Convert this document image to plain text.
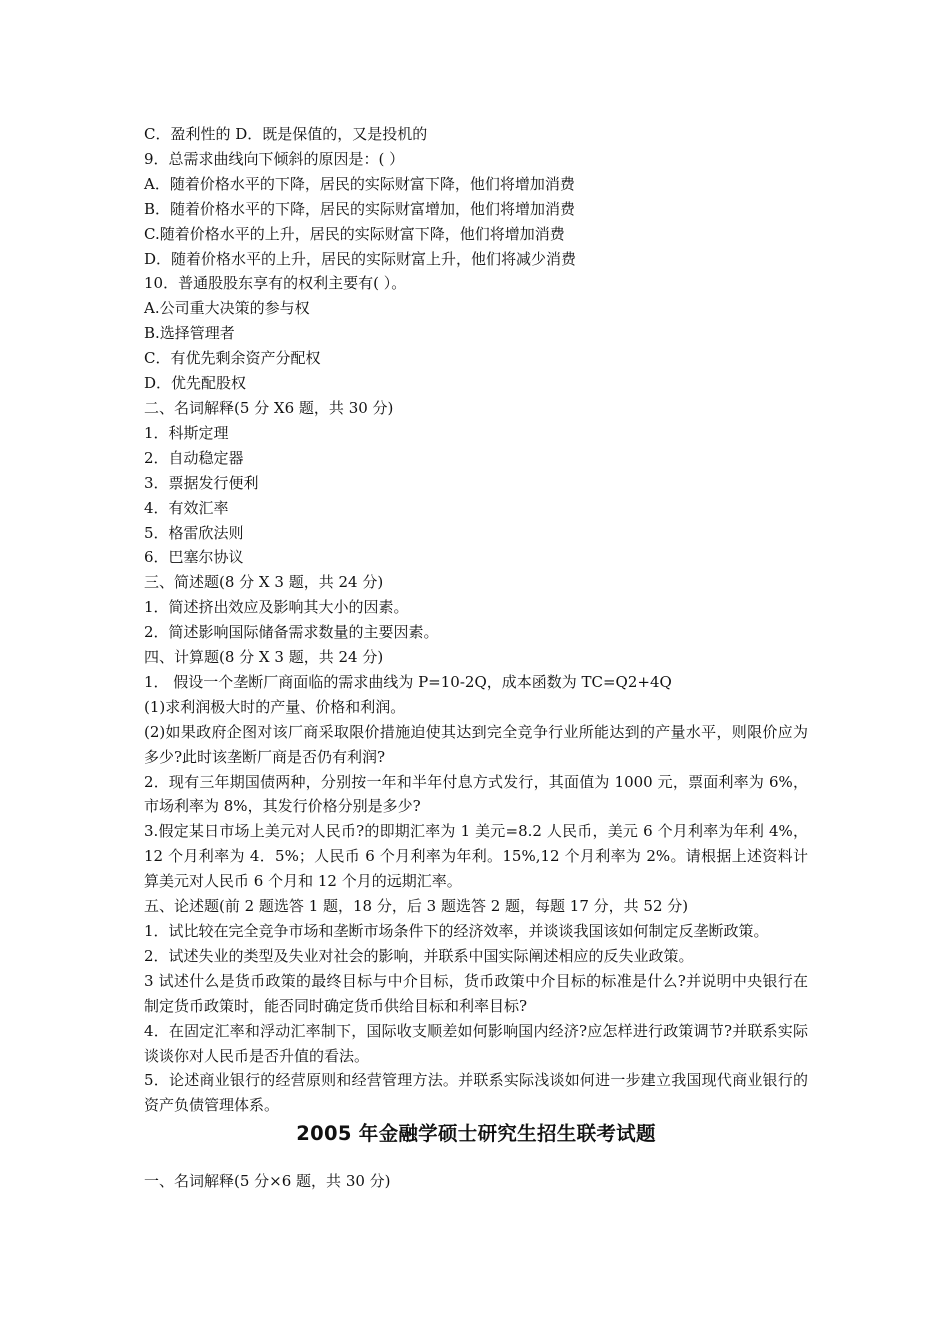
C．盈利性的 D．既是保值的，又是投机的

9．总需求曲线向下倾斜的原因是：( ）

A．随着价格水平的下降，居民的实际财富下降，他们将增加消费

B．随着价格水平的下降，居民的实际财富增加，他们将增加消费

C.随着价格水平的上升，居民的实际财富下降，他们将增加消费

D．随着价格水平的上升，居民的实际财富上升，他们将减少消费

10．普通股股东享有的权利主要有( ）。

A.公司重大决策的参与权

B.选择管理者

C．有优先剩余资产分配权

D．优先配股权

二、名词解释(5 分 X6 题，共 30 分)

1．科斯定理

2．自动稳定器

3．票据发行便利

4．有效汇率

5．格雷欣法则

6．巴塞尔协议

三、简述题(8 分 X 3 题，共 24 分)

1．简述挤出效应及影响其大小的因素。

2．简述影响国际储备需求数量的主要因素。

四、计算题(8 分 X 3 题，共 24 分)

1． 假设一个垄断厂商面临的需求曲线为 P=10-2Q，成本函数为 TC=Q2+4Q

(1)求利润极大时的产量、价格和利润。

(2)如果政府企图对该厂商采取限价措施迫使其达到完全竞争行业所能达到的产量水平，则限价应为多少?此时该垄断厂商是否仍有利润?

2．现有三年期国债两种，分别按一年和半年付息方式发行，其面值为 1000 元，票面利率为 6%，市场利率为 8%，其发行价格分别是多少?

3.假定某日市场上美元对人民币?的即期汇率为 1 美元=8.2 人民币，美元 6 个月利率为年利 4%，12 个月利率为 4．5%；人民币 6 个月利率为年利。15%,12 个月利率为 2%。请根据上述资料计算美元对人民币 6 个月和 12 个月的远期汇率。

五、论述题(前 2 题选答 1 题，18 分，后 3 题选答 2 题，每题 17 分，共 52 分)

1．试比较在完全竞争市场和垄断市场条件下的经济效率，并谈谈我国该如何制定反垄断政策。

2．试述失业的类型及失业对社会的影响，并联系中国实际阐述相应的反失业政策。

3 试述什么是货币政策的最终目标与中介目标，货币政策中介目标的标准是什么?并说明中央银行在制定货币政策时，能否同时确定货币供给目标和利率目标?

4．在固定汇率和浮动汇率制下，国际收支顺差如何影响国内经济?应怎样进行政策调节?并联系实际谈谈你对人民币是否升值的看法。

5．论述商业银行的经营原则和经营管理方法。并联系实际浅谈如何进一步建立我国现代商业银行的资产负债管理体系。

2005 年金融学硕士研究生招生联考试题

一、名词解释(5 分×6 题，共 30 分)
